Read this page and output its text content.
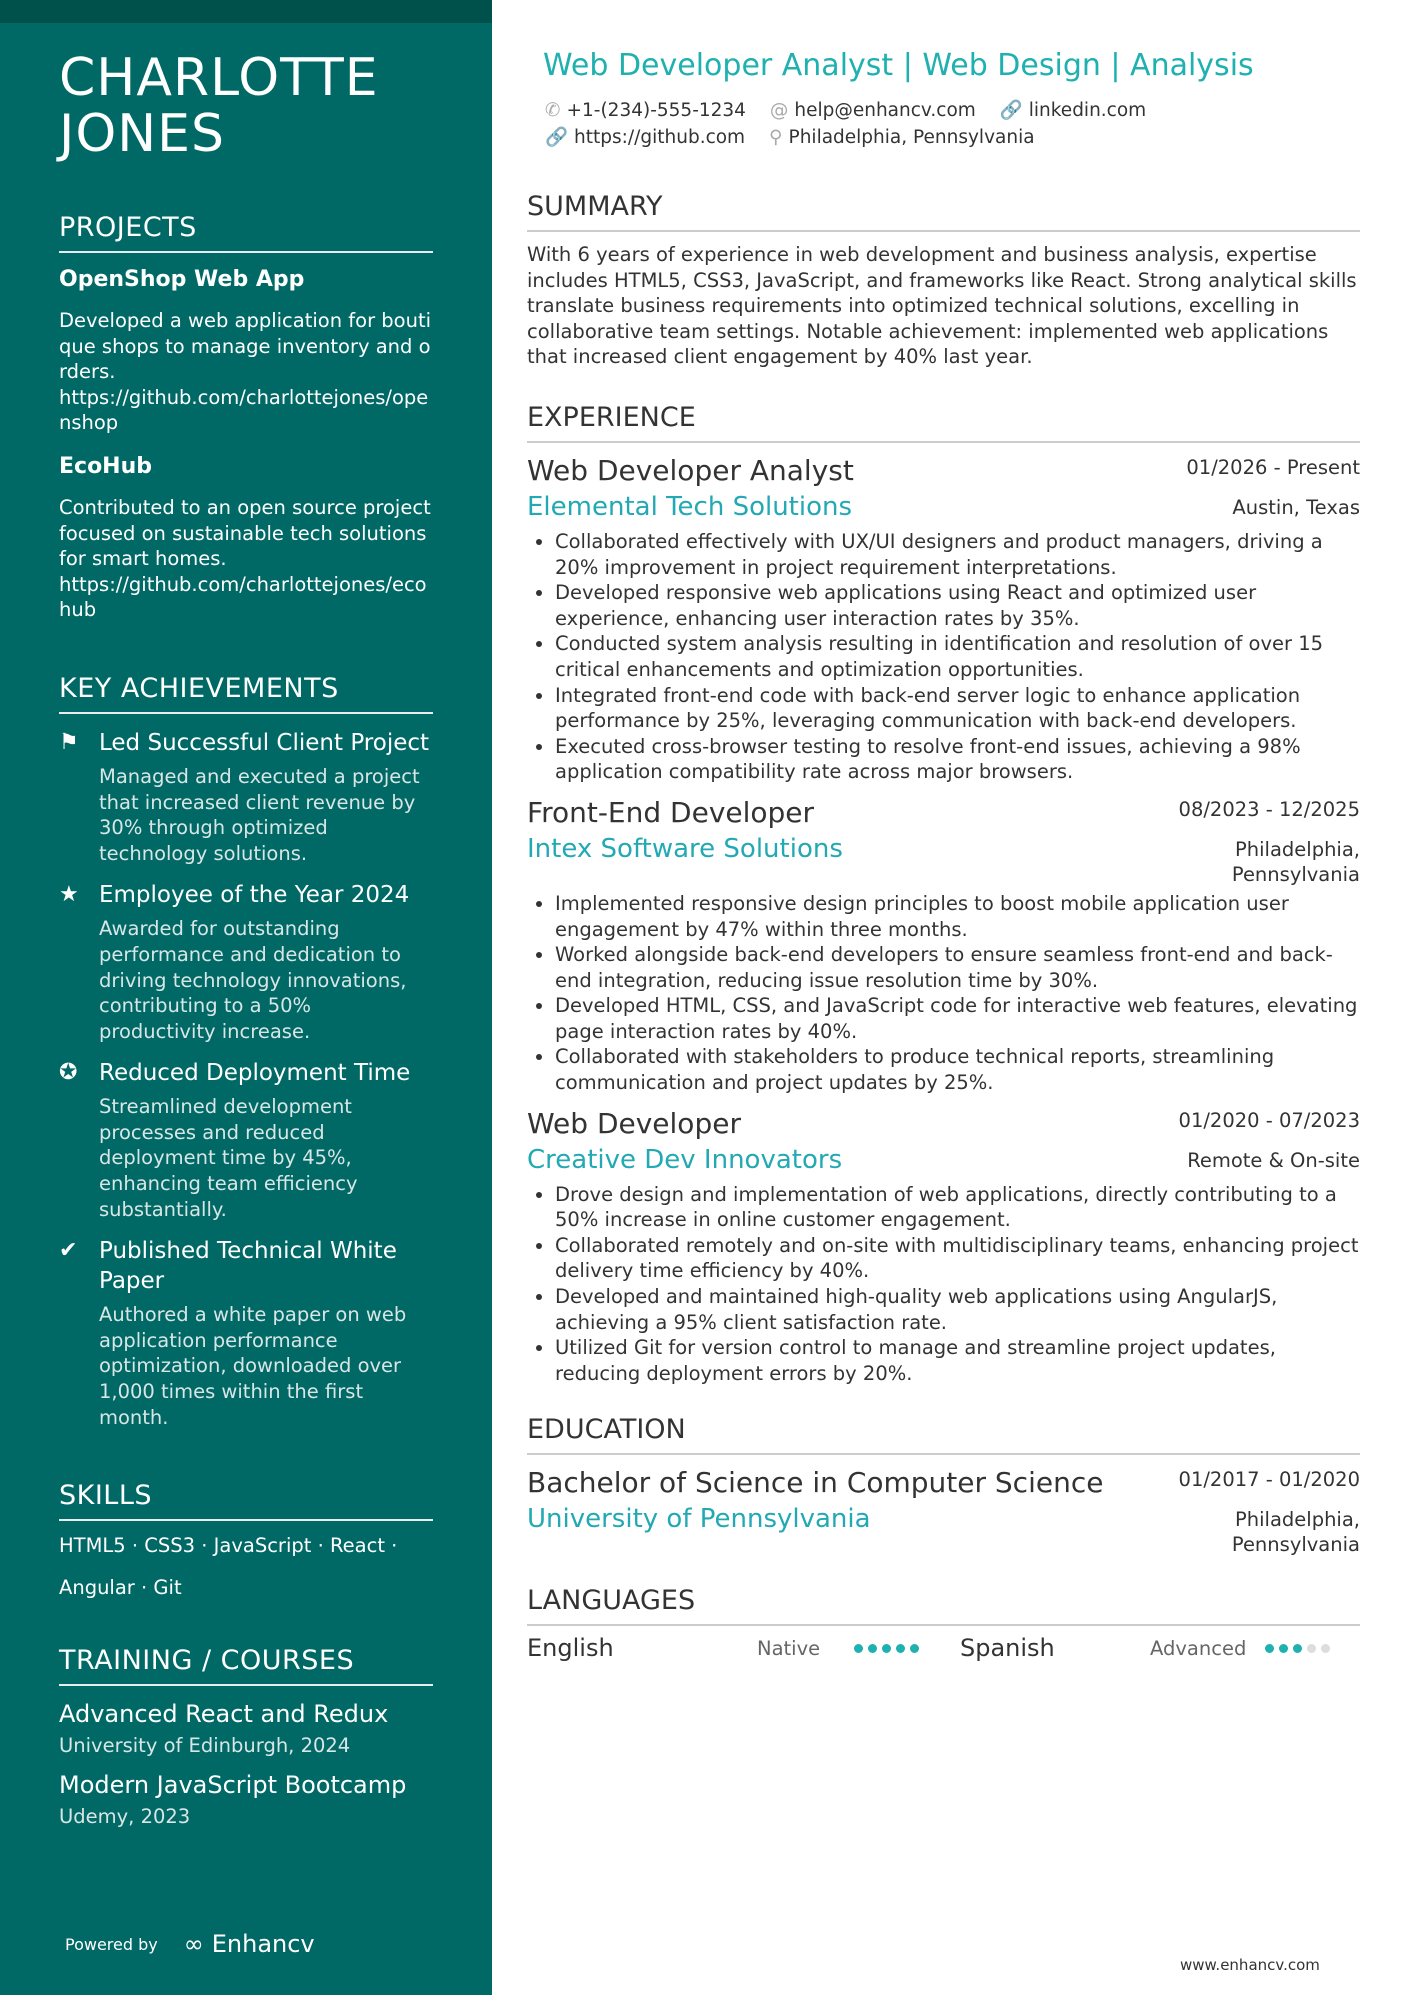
CHARLOTTE JONES
PROJECTS
OpenShop Web App
Developed a web application for boutique shops to manage inventory and orders.
https://github.com/charlottejones/openshop
EcoHub
Contributed to an open source project focused on sustainable tech solutions for smart homes.
https://github.com/charlottejones/ecohub
KEY ACHIEVEMENTS
⚑ Led Successful Client Project
Managed and executed a project that increased client revenue by 30% through optimized technology solutions.
★ Employee of the Year 2024
Awarded for outstanding performance and dedication to driving technology innovations, contributing to a 50% productivity increase.
✪ Reduced Deployment Time
Streamlined development processes and reduced deployment time by 45%, enhancing team efficiency substantially.
✔ Published Technical White Paper
Authored a white paper on web application performance optimization, downloaded over 1,000 times within the first month.
SKILLS
HTML5 · CSS3 · JavaScript · React ·
Angular · Git
TRAINING / COURSES
Advanced React and Redux
University of Edinburgh, 2024
Modern JavaScript Bootcamp
Udemy, 2023
Powered by ∞ Enhancv
Web Developer Analyst | Web Design | Analysis
✆ +1-(234)-555-1234 @ help@enhancv.com 🔗 linkedin.com
🔗 https://github.com ⚲ Philadelphia, Pennsylvania
SUMMARY
With 6 years of experience in web development and business analysis, expertise includes HTML5, CSS3, JavaScript, and frameworks like React. Strong analytical skills translate business requirements into optimized technical solutions, excelling in collaborative team settings. Notable achievement: implemented web applications that increased client engagement by 40% last year.
EXPERIENCE
Web Developer Analyst	01/2026 - Present
Elemental Tech Solutions	Austin, Texas
• Collaborated effectively with UX/UI designers and product managers, driving a 20% improvement in project requirement interpretations.
• Developed responsive web applications using React and optimized user experience, enhancing user interaction rates by 35%.
• Conducted system analysis resulting in identification and resolution of over 15 critical enhancements and optimization opportunities.
• Integrated front-end code with back-end server logic to enhance application performance by 25%, leveraging communication with back-end developers.
• Executed cross-browser testing to resolve front-end issues, achieving a 98% application compatibility rate across major browsers.
Front-End Developer	08/2023 - 12/2025
Intex Software Solutions	Philadelphia, Pennsylvania
• Implemented responsive design principles to boost mobile application user engagement by 47% within three months.
• Worked alongside back-end developers to ensure seamless front-end and back-end integration, reducing issue resolution time by 30%.
• Developed HTML, CSS, and JavaScript code for interactive web features, elevating page interaction rates by 40%.
• Collaborated with stakeholders to produce technical reports, streamlining communication and project updates by 25%.
Web Developer	01/2020 - 07/2023
Creative Dev Innovators	Remote & On-site
• Drove design and implementation of web applications, directly contributing to a 50% increase in online customer engagement.
• Collaborated remotely and on-site with multidisciplinary teams, enhancing project delivery time efficiency by 40%.
• Developed and maintained high-quality web applications using AngularJS, achieving a 95% client satisfaction rate.
• Utilized Git for version control to manage and streamline project updates, reducing deployment errors by 20%.
EDUCATION
Bachelor of Science in Computer Science	01/2017 - 01/2020
University of Pennsylvania	Philadelphia, Pennsylvania
LANGUAGES
English	Native	Spanish	Advanced
www.enhancv.com
